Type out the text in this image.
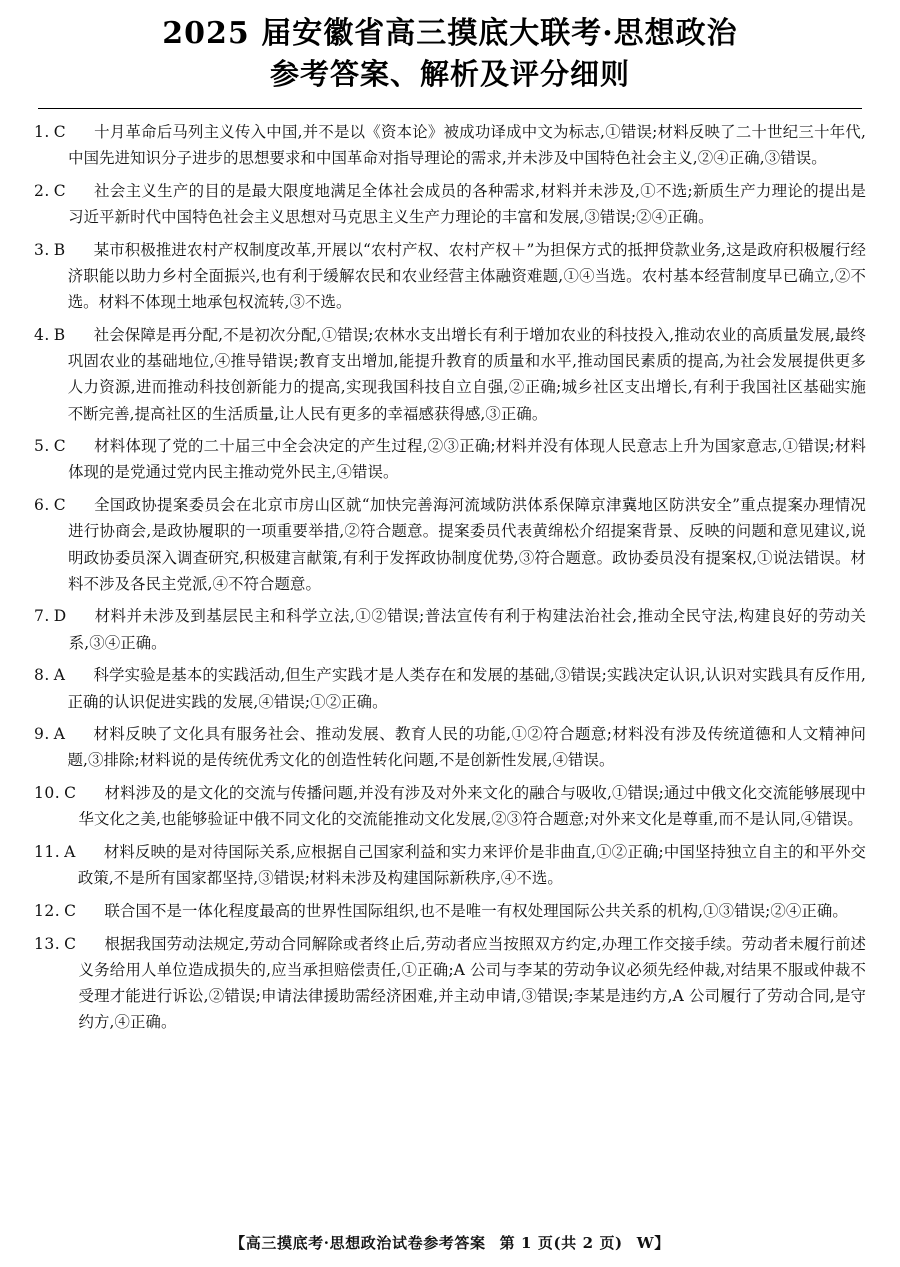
2025 届安徽省高三摸底大联考·思想政治
参考答案、解析及评分细则
1. C	十月革命后马列主义传入中国,并不是以《资本论》被成功译成中文为标志,①错误;材料反映了二十世纪三十年代,中国先进知识分子进步的思想要求和中国革命对指导理论的需求,并未涉及中国特色社会主义,②④正确,③错误。
2. C	社会主义生产的目的是最大限度地满足全体社会成员的各种需求,材料并未涉及,①不选;新质生产力理论的提出是习近平新时代中国特色社会主义思想对马克思主义生产力理论的丰富和发展,③错误;②④正确。
3. B	某市积极推进农村产权制度改革,开展以“农村产权、农村产权＋”为担保方式的抵押贷款业务,这是政府积极履行经济职能以助力乡村全面振兴,也有利于缓解农民和农业经营主体融资难题,①④当选。农村基本经营制度早已确立,②不选。材料不体现土地承包权流转,③不选。
4. B	社会保障是再分配,不是初次分配,①错误;农林水支出增长有利于增加农业的科技投入,推动农业的高质量发展,最终巩固农业的基础地位,④推导错误;教育支出增加,能提升教育的质量和水平,推动国民素质的提高,为社会发展提供更多人力资源,进而推动科技创新能力的提高,实现我国科技自立自强,②正确;城乡社区支出增长,有利于我国社区基础实施不断完善,提高社区的生活质量,让人民有更多的幸福感获得感,③正确。
5. C	材料体现了党的二十届三中全会决定的产生过程,②③正确;材料并没有体现人民意志上升为国家意志,①错误;材料体现的是党通过党内民主推动党外民主,④错误。
6. C	全国政协提案委员会在北京市房山区就“加快完善海河流域防洪体系保障京津冀地区防洪安全”重点提案办理情况进行协商会,是政协履职的一项重要举措,②符合题意。提案委员代表黄绵松介绍提案背景、反映的问题和意见建议,说明政协委员深入调查研究,积极建言献策,有利于发挥政协制度优势,③符合题意。政协委员没有提案权,①说法错误。材料不涉及各民主党派,④不符合题意。
7. D	材料并未涉及到基层民主和科学立法,①②错误;普法宣传有利于构建法治社会,推动全民守法,构建良好的劳动关系,③④正确。
8. A	科学实验是基本的实践活动,但生产实践才是人类存在和发展的基础,③错误;实践决定认识,认识对实践具有反作用,正确的认识促进实践的发展,④错误;①②正确。
9. A	材料反映了文化具有服务社会、推动发展、教育人民的功能,①②符合题意;材料没有涉及传统道德和人文精神问题,③排除;材料说的是传统优秀文化的创造性转化问题,不是创新性发展,④错误。
10. C	材料涉及的是文化的交流与传播问题,并没有涉及对外来文化的融合与吸收,①错误;通过中俄文化交流能够展现中华文化之美,也能够验证中俄不同文化的交流能推动文化发展,②③符合题意;对外来文化是尊重,而不是认同,④错误。
11. A	材料反映的是对待国际关系,应根据自己国家利益和实力来评价是非曲直,①②正确;中国坚持独立自主的和平外交政策,不是所有国家都坚持,③错误;材料未涉及构建国际新秩序,④不选。
12. C	联合国不是一体化程度最高的世界性国际组织,也不是唯一有权处理国际公共关系的机构,①③错误;②④正确。
13. C	根据我国劳动法规定,劳动合同解除或者终止后,劳动者应当按照双方约定,办理工作交接手续。劳动者未履行前述义务给用人单位造成损失的,应当承担赔偿责任,①正确;A 公司与李某的劳动争议必须先经仲裁,对结果不服或仲裁不受理才能进行诉讼,②错误;申请法律援助需经济困难,并主动申请,③错误;李某是违约方,A 公司履行了劳动合同,是守约方,④正确。
【高三摸底考·思想政治试卷参考答案 第 1 页(共 2 页) W】
